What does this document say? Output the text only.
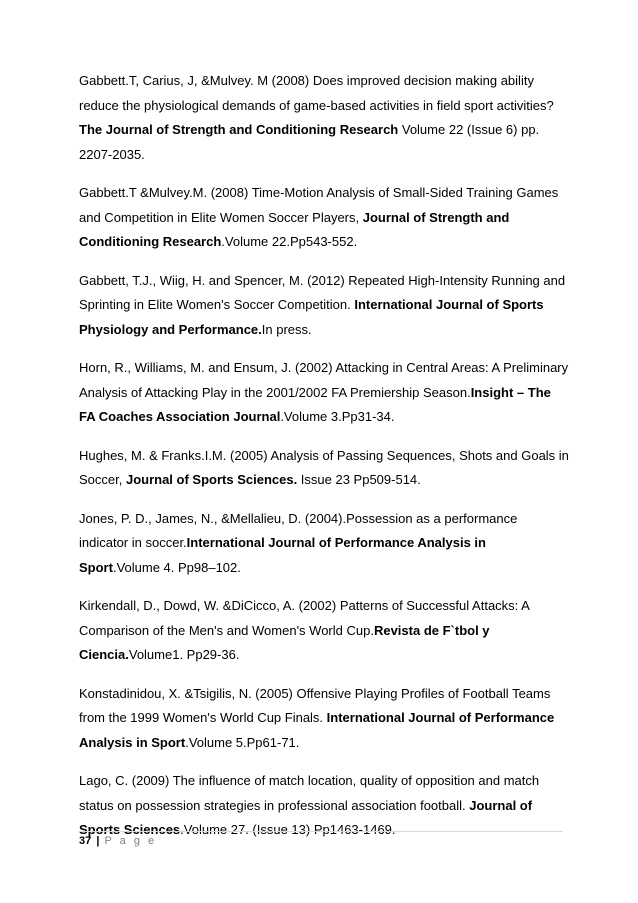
Gabbett.T, Carius, J, &Mulvey. M (2008) Does improved decision making ability reduce the physiological demands of game-based activities in field sport activities? The Journal of Strength and Conditioning Research Volume 22 (Issue 6) pp. 2207-2035.

Gabbett.T &Mulvey.M. (2008) Time-Motion Analysis of Small-Sided Training Games and Competition in Elite Women Soccer Players, Journal of Strength and Conditioning Research.Volume 22.Pp543-552.

Gabbett, T.J., Wiig, H. and Spencer, M. (2012) Repeated High-Intensity Running and Sprinting in Elite Women's Soccer Competition. International Journal of Sports Physiology and Performance.In press.

Horn, R., Williams, M. and Ensum, J. (2002) Attacking in Central Areas: A Preliminary Analysis of Attacking Play in the 2001/2002 FA Premiership Season.Insight – The FA Coaches Association Journal.Volume 3.Pp31-34.

Hughes, M. & Franks.I.M. (2005) Analysis of Passing Sequences, Shots and Goals in Soccer, Journal of Sports Sciences. Issue 23 Pp509-514.

Jones, P. D., James, N., &Mellalieu, D. (2004).Possession as a performance indicator in soccer.International Journal of Performance Analysis in Sport.Volume 4. Pp98–102.

Kirkendall, D., Dowd, W. &DiCicco, A. (2002) Patterns of Successful Attacks: A Comparison of the Men's and Women's World Cup.Revista de F`tbol y Ciencia.Volume1. Pp29-36.

Konstadinidou, X. &Tsigilis, N. (2005) Offensive Playing Profiles of Football Teams from the 1999 Women's World Cup Finals. International Journal of Performance Analysis in Sport.Volume 5.Pp61-71.

Lago, C. (2009) The influence of match location, quality of opposition and match status on possession strategies in professional association football. Journal of Sports Sciences.Volume 27. (Issue 13) Pp1463-1469.

37 | P a g e
